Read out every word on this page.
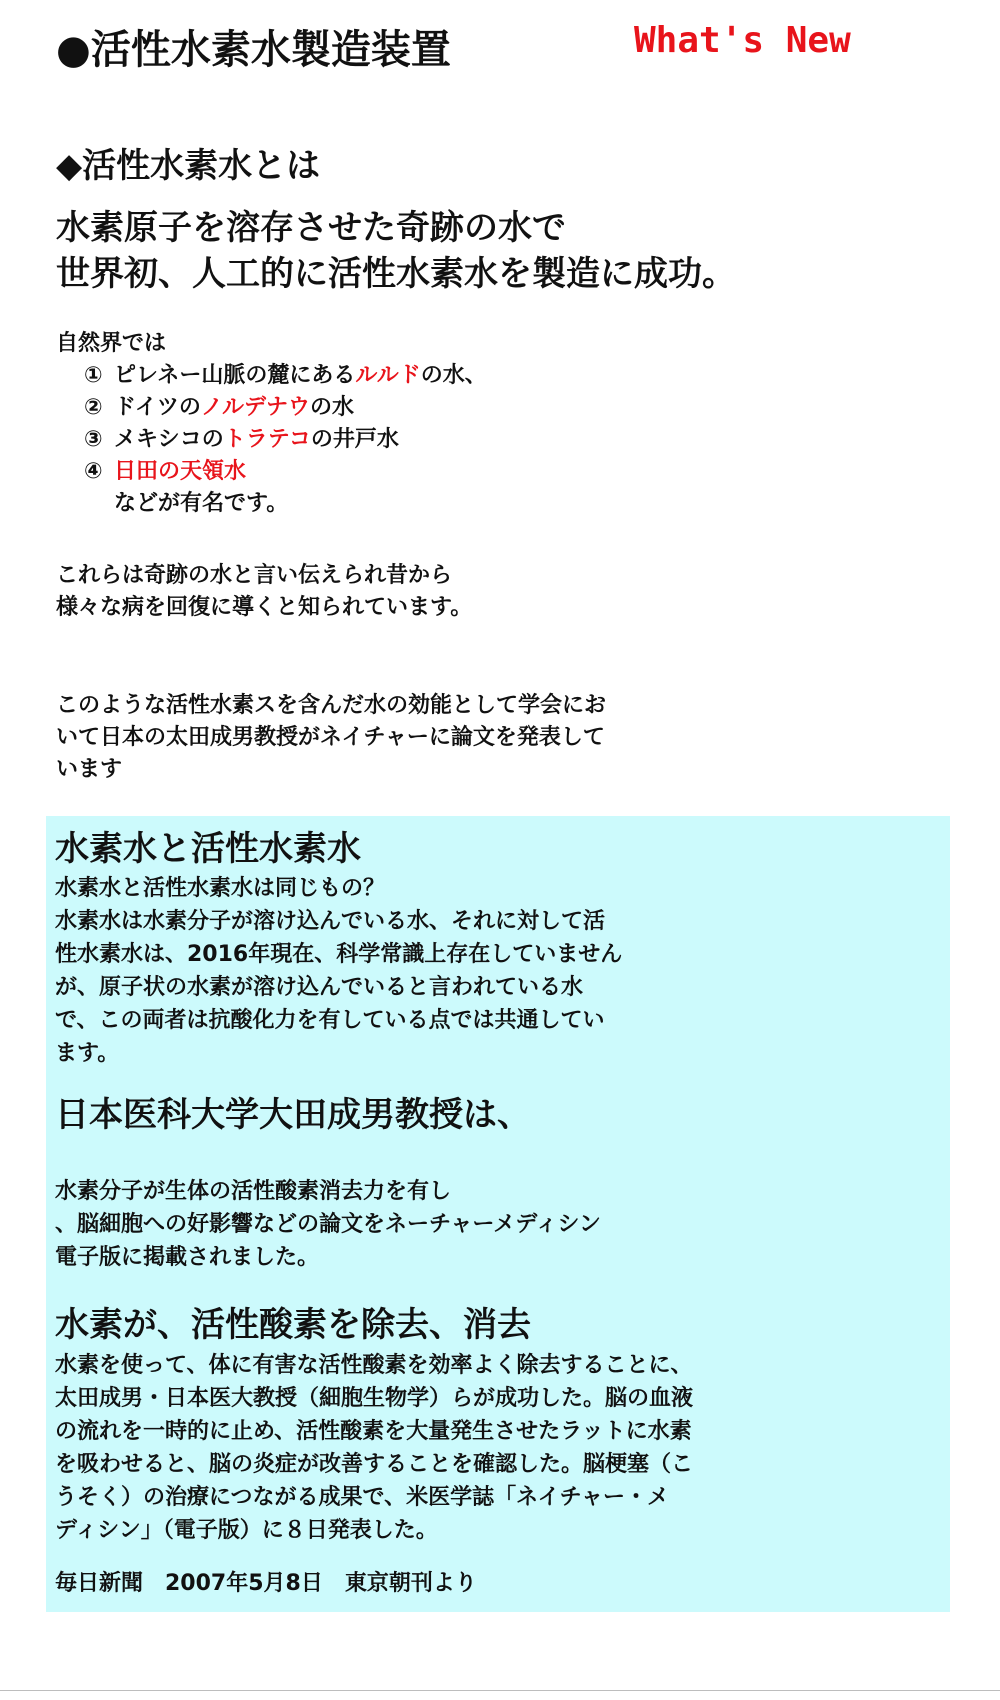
●活性水素水製造装置	What's New
◆活性水素水とは
水素原子を溶存させた奇跡の水で
世界初、人工的に活性水素水を製造に成功。
自然界では
① ピレネー山脈の麓にあるルルドの水、
② ドイツのノルデナウの水
③ メキシコのトラテコの井戸水
④ 日田の天領水
などが有名です。
これらは奇跡の水と言い伝えられ昔から
様々な病を回復に導くと知られています。
このような活性水素スを含んだ水の効能として学会にお
いて日本の太田成男教授がネイチャーに論文を発表して
います
水素水と活性水素水
水素水と活性水素水は同じもの？
水素水は水素分子が溶け込んでいる水、それに対して活
性水素水は、2016年現在、科学常識上存在していません
が、原子状の水素が溶け込んでいると言われている水
で、この両者は抗酸化力を有している点では共通してい
ます。
日本医科大学大田成男教授は、
水素分子が生体の活性酸素消去力を有し
、脳細胞への好影響などの論文をネーチャーメディシン
電子版に掲載されました。
水素が、活性酸素を除去、消去
水素を使って、体に有害な活性酸素を効率よく除去することに、
太田成男・日本医大教授（細胞生物学）らが成功した。脳の血液
の流れを一時的に止め、活性酸素を大量発生させたラットに水素
を吸わせると、脳の炎症が改善することを確認した。脳梗塞（こ
うそく）の治療につながる成果で、米医学誌「ネイチャー・メ
ディシン」（電子版）に８日発表した。
毎日新聞　2007年5月8日　東京朝刊より
